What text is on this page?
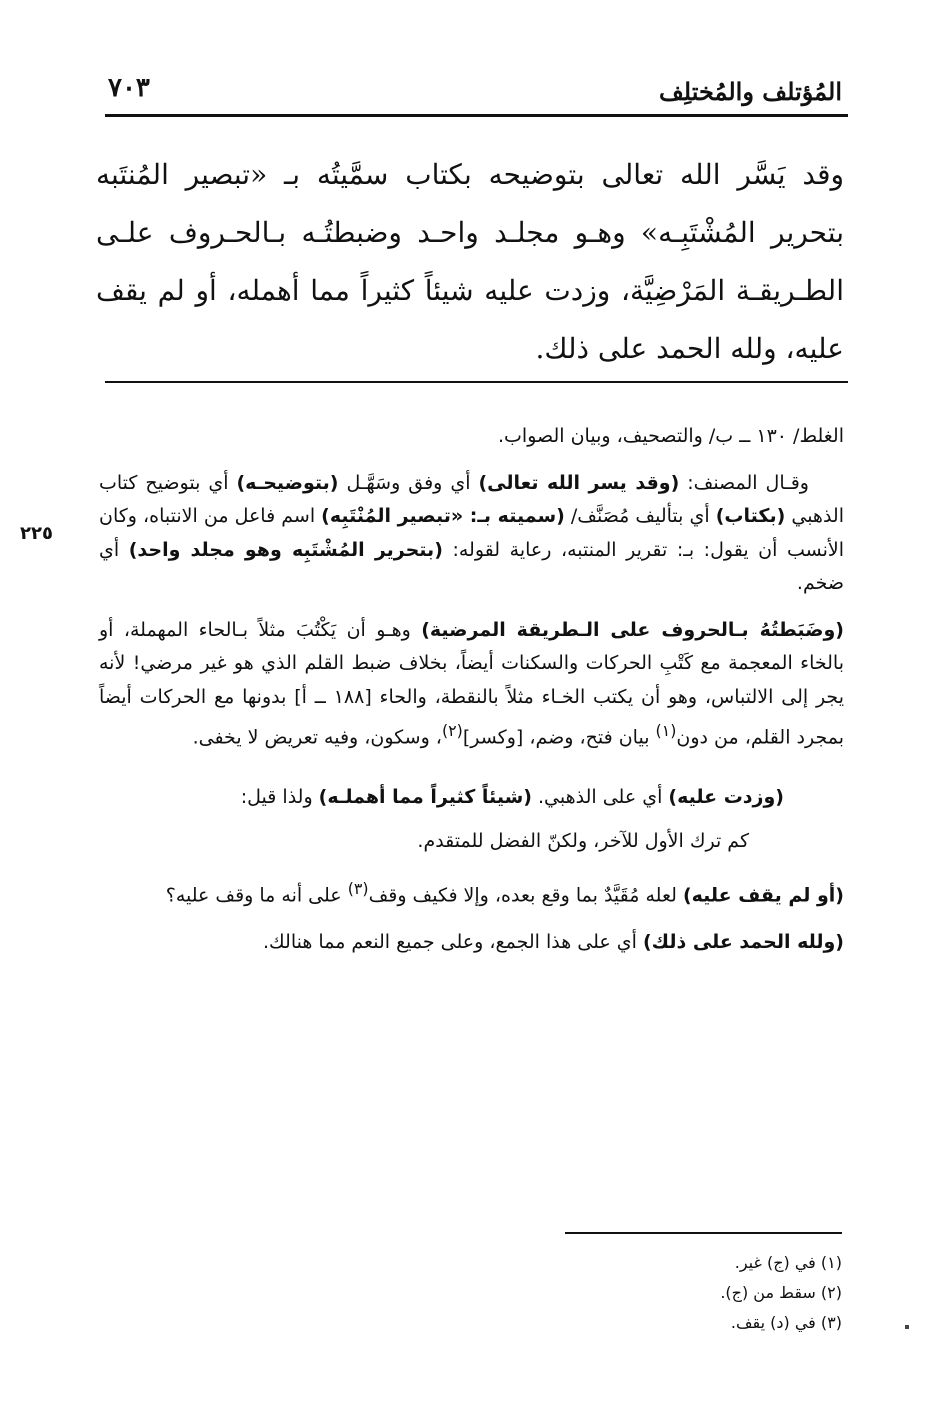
المُؤتلف والمُختلِف
٧٠٣
وقد يَسَّر الله تعالى بتوضيحه بكتاب سمَّيتُه بـ «تبصير المُنتَبه بتحرير المُشْتَبِـه» وهـو مجلـد واحـد وضبطتُـه بـالحـروف علـى الطـريقـة المَرْضِيَّة، وزدت عليه شيئاً كثيراً مما أهمله، أو لم يقف عليه، ولله الحمد على ذلك.

الغلط/ ١٣٠ ــ ب/ والتصحيف، وبيان الصواب.

وقـال المصنف: (وقد يسر الله تعالى) أي وفق وسَهَّـل (بتوضيحـه) أي بتوضيح كتاب الذهبي (بكتاب) أي بتأليف مُصَنَّف/ (سميته بـ: «تبصير المُنْتَبِه) اسم فاعل من الانتباه، وكان الأنسب أن يقول: بـ: تقرير المنتبه، رعاية لقوله: (بتحرير المُشْتَبِه وهو مجلد واحد) أي ضخم.

(وضَبَطتُهُ بـالحروف على الـطريقة المرضية) وهـو أن يَكْتُبَ مثلاً بـالحاء المهملة، أو بالخاء المعجمة مع كَتْبِ الحركات والسكنات أيضاً، بخلاف ضبط القلم الذي هو غير مرضي! لأنه يجر إلى الالتباس، وهو أن يكتب الخـاء مثلاً بالنقطة، والحاء [١٨٨ ــ أ] بدونها مع الحركات أيضاً بمجرد القلم، من دون$^{(١)}$ بيان فتح، وضم، [وكسر]$^{(٢)}$، وسكون، وفيه تعريض لا يخفى.

(وزدت عليه) أي على الذهبي. (شيئاً كثيراً مما أهملـه) ولذا قيل:

كم ترك الأول للآخر، ولكنّ الفضل للمتقدم.

(أو لم يقف عليه) لعله مُقَيَّدٌ بما وقع بعده، وإلا فكيف وقف$^{(٣)}$ على أنه ما وقف عليه؟

(ولله الحمد على ذلك) أي على هذا الجمع، وعلى جميع النعم مما هنالك.

٢٢٥
(١) في (ج) غير.
(٢) سقط من (ج).
(٣) في (د) يقف.
